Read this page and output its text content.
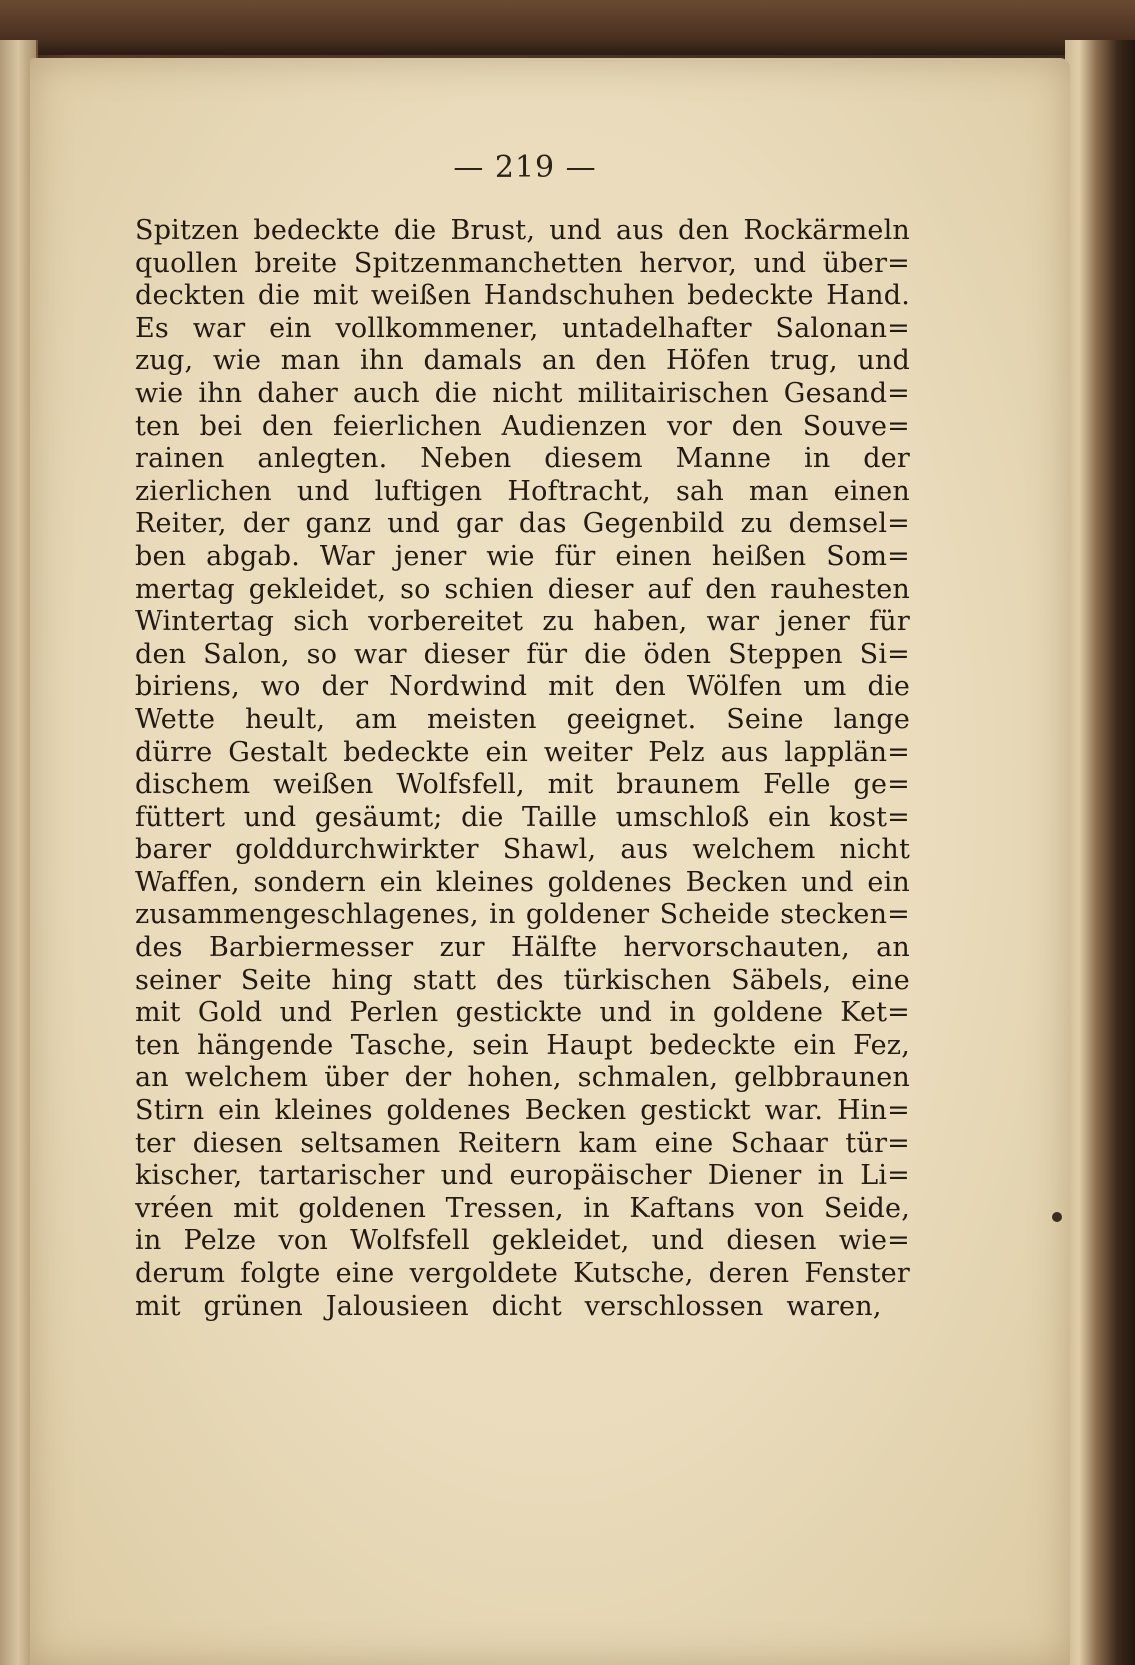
— 219 —
Spitzen bedeckte die Brust, und aus den Rockärmeln
quollen breite Spitzenmanchetten hervor, und über=
deckten die mit weißen Handschuhen bedeckte Hand.
Es war ein vollkommener, untadelhafter Salonan=
zug, wie man ihn damals an den Höfen trug, und
wie ihn daher auch die nicht militairischen Gesand=
ten bei den feierlichen Audienzen vor den Souve=
rainen anlegten. Neben diesem Manne in der
zierlichen und luftigen Hoftracht, sah man einen
Reiter, der ganz und gar das Gegenbild zu demsel=
ben abgab. War jener wie für einen heißen Som=
mertag gekleidet, so schien dieser auf den rauhesten
Wintertag sich vorbereitet zu haben, war jener für
den Salon, so war dieser für die öden Steppen Si=
biriens, wo der Nordwind mit den Wölfen um die
Wette heult, am meisten geeignet. Seine lange
dürre Gestalt bedeckte ein weiter Pelz aus lapplän=
dischem weißen Wolfsfell, mit braunem Felle ge=
füttert und gesäumt; die Taille umschloß ein kost=
barer golddurchwirkter Shawl, aus welchem nicht
Waffen, sondern ein kleines goldenes Becken und ein
zusammengeschlagenes, in goldener Scheide stecken=
des Barbiermesser zur Hälfte hervorschauten, an
seiner Seite hing statt des türkischen Säbels, eine
mit Gold und Perlen gestickte und in goldene Ket=
ten hängende Tasche, sein Haupt bedeckte ein Fez,
an welchem über der hohen, schmalen, gelbbraunen
Stirn ein kleines goldenes Becken gestickt war. Hin=
ter diesen seltsamen Reitern kam eine Schaar tür=
kischer, tartarischer und europäischer Diener in Li=
vréen mit goldenen Tressen, in Kaftans von Seide,
in Pelze von Wolfsfell gekleidet, und diesen wie=
derum folgte eine vergoldete Kutsche, deren Fenster
mit grünen Jalousieen dicht verschlossen waren,
